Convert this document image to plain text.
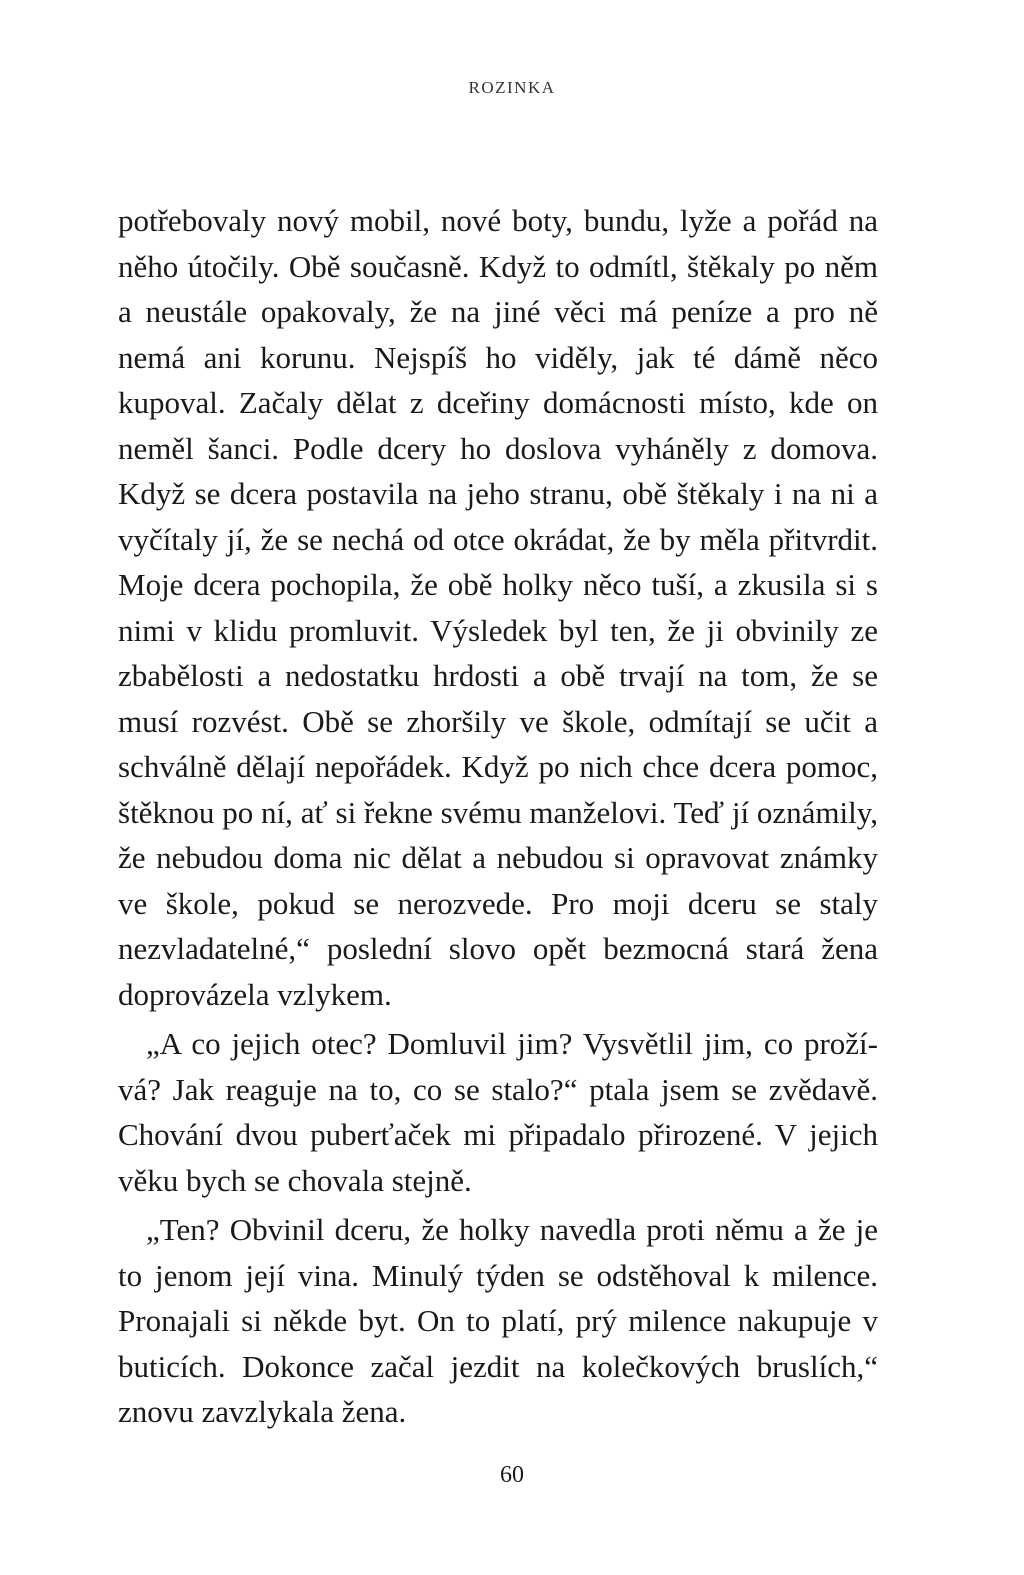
ROZINKA

potřebovaly nový mobil, nové boty, bundu, lyže a pořád na něho útočily. Obě současně. Když to odmítl, štěkaly po něm a neustále opakovaly, že na jiné věci má peníze a pro ně nemá ani korunu. Nejspíš ho viděly, jak té dámě něco kupoval. Začaly dělat z dceřiny domácnosti místo, kde on neměl šanci. Podle dcery ho doslova vyháněly z domova. Když se dcera postavila na jeho stranu, obě štěkaly i na ni a vyčítaly jí, že se nechá od otce okrádat, že by měla přitvrdit. Moje dcera pochopila, že obě holky něco tuší, a zkusila si s nimi v klidu promluvit. Výsledek byl ten, že ji obvinily ze zbabělosti a nedostatku hrdosti a obě trvají na tom, že se musí rozvést. Obě se zhoršily ve škole, odmítají se učit a schválně dělají nepořádek. Když po nich chce dcera pomoc, štěknou po ní, ať si řekne svému manželovi. Teď jí oznámily, že nebudou doma nic dělat a nebudou si opravovat známky ve škole, pokud se nerozvede. Pro moji dceru se staly nezvladatelné,“ poslední slovo opět bezmocná stará žena doprovázela vzlykem.

„A co jejich otec? Domluvil jim? Vysvětlil jim, co prožívá? Jak reaguje na to, co se stalo?“ ptala jsem se zvědavě. Chování dvou puberťaček mi připadalo přirozené. V jejich věku bych se chovala stejně.

„Ten? Obvinil dceru, že holky navedla proti němu a že je to jenom její vina. Minulý týden se odstěhoval k milence. Pronajali si někde byt. On to platí, prý milence nakupuje v buticích. Dokonce začal jezdit na kolečkových bruslích,“ znovu zavzlykala žena.

60
